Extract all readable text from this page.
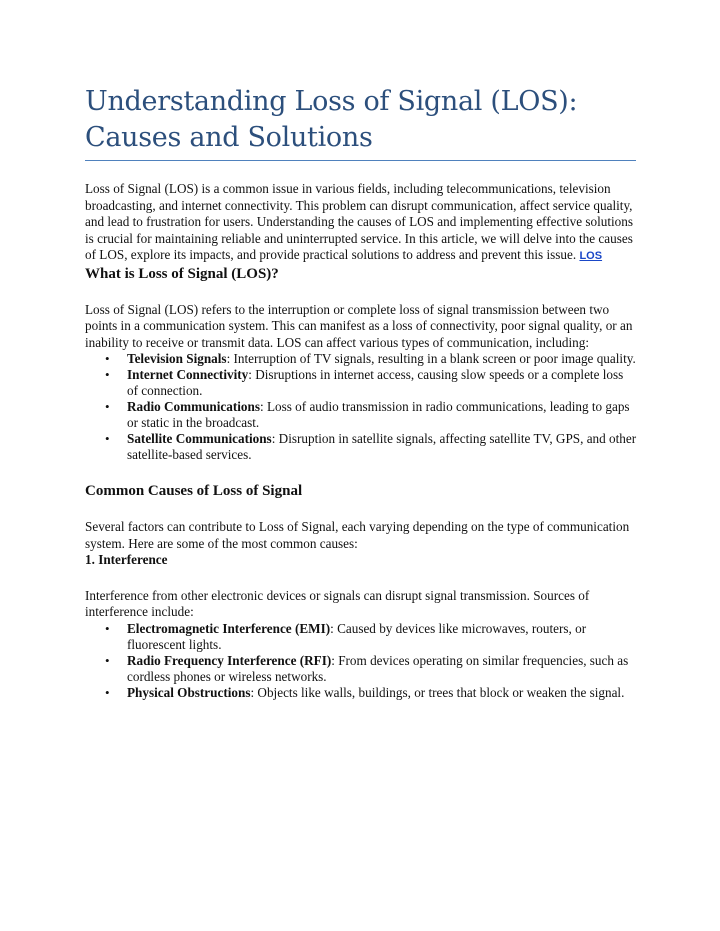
Understanding Loss of Signal (LOS):
Causes and Solutions

Loss of Signal (LOS) is a common issue in various fields, including telecommunications, television broadcasting, and internet connectivity. This problem can disrupt communication, affect service quality, and lead to frustration for users. Understanding the causes of LOS and implementing effective solutions is crucial for maintaining reliable and uninterrupted service. In this article, we will delve into the causes of LOS, explore its impacts, and provide practical solutions to address and prevent this issue. LOS

What is Loss of Signal (LOS)?

Loss of Signal (LOS) refers to the interruption or complete loss of signal transmission between two points in a communication system. This can manifest as a loss of connectivity, poor signal quality, or an inability to receive or transmit data. LOS can affect various types of communication, including:

• Television Signals: Interruption of TV signals, resulting in a blank screen or poor image quality.
• Internet Connectivity: Disruptions in internet access, causing slow speeds or a complete loss of connection.
• Radio Communications: Loss of audio transmission in radio communications, leading to gaps or static in the broadcast.
• Satellite Communications: Disruption in satellite signals, affecting satellite TV, GPS, and other satellite-based services.
Common Causes of Loss of Signal

Several factors can contribute to Loss of Signal, each varying depending on the type of communication system. Here are some of the most common causes:

1. Interference

Interference from other electronic devices or signals can disrupt signal transmission. Sources of interference include:

• Electromagnetic Interference (EMI): Caused by devices like microwaves, routers, or fluorescent lights.
• Radio Frequency Interference (RFI): From devices operating on similar frequencies, such as cordless phones or wireless networks.
• Physical Obstructions: Objects like walls, buildings, or trees that block or weaken the signal.
